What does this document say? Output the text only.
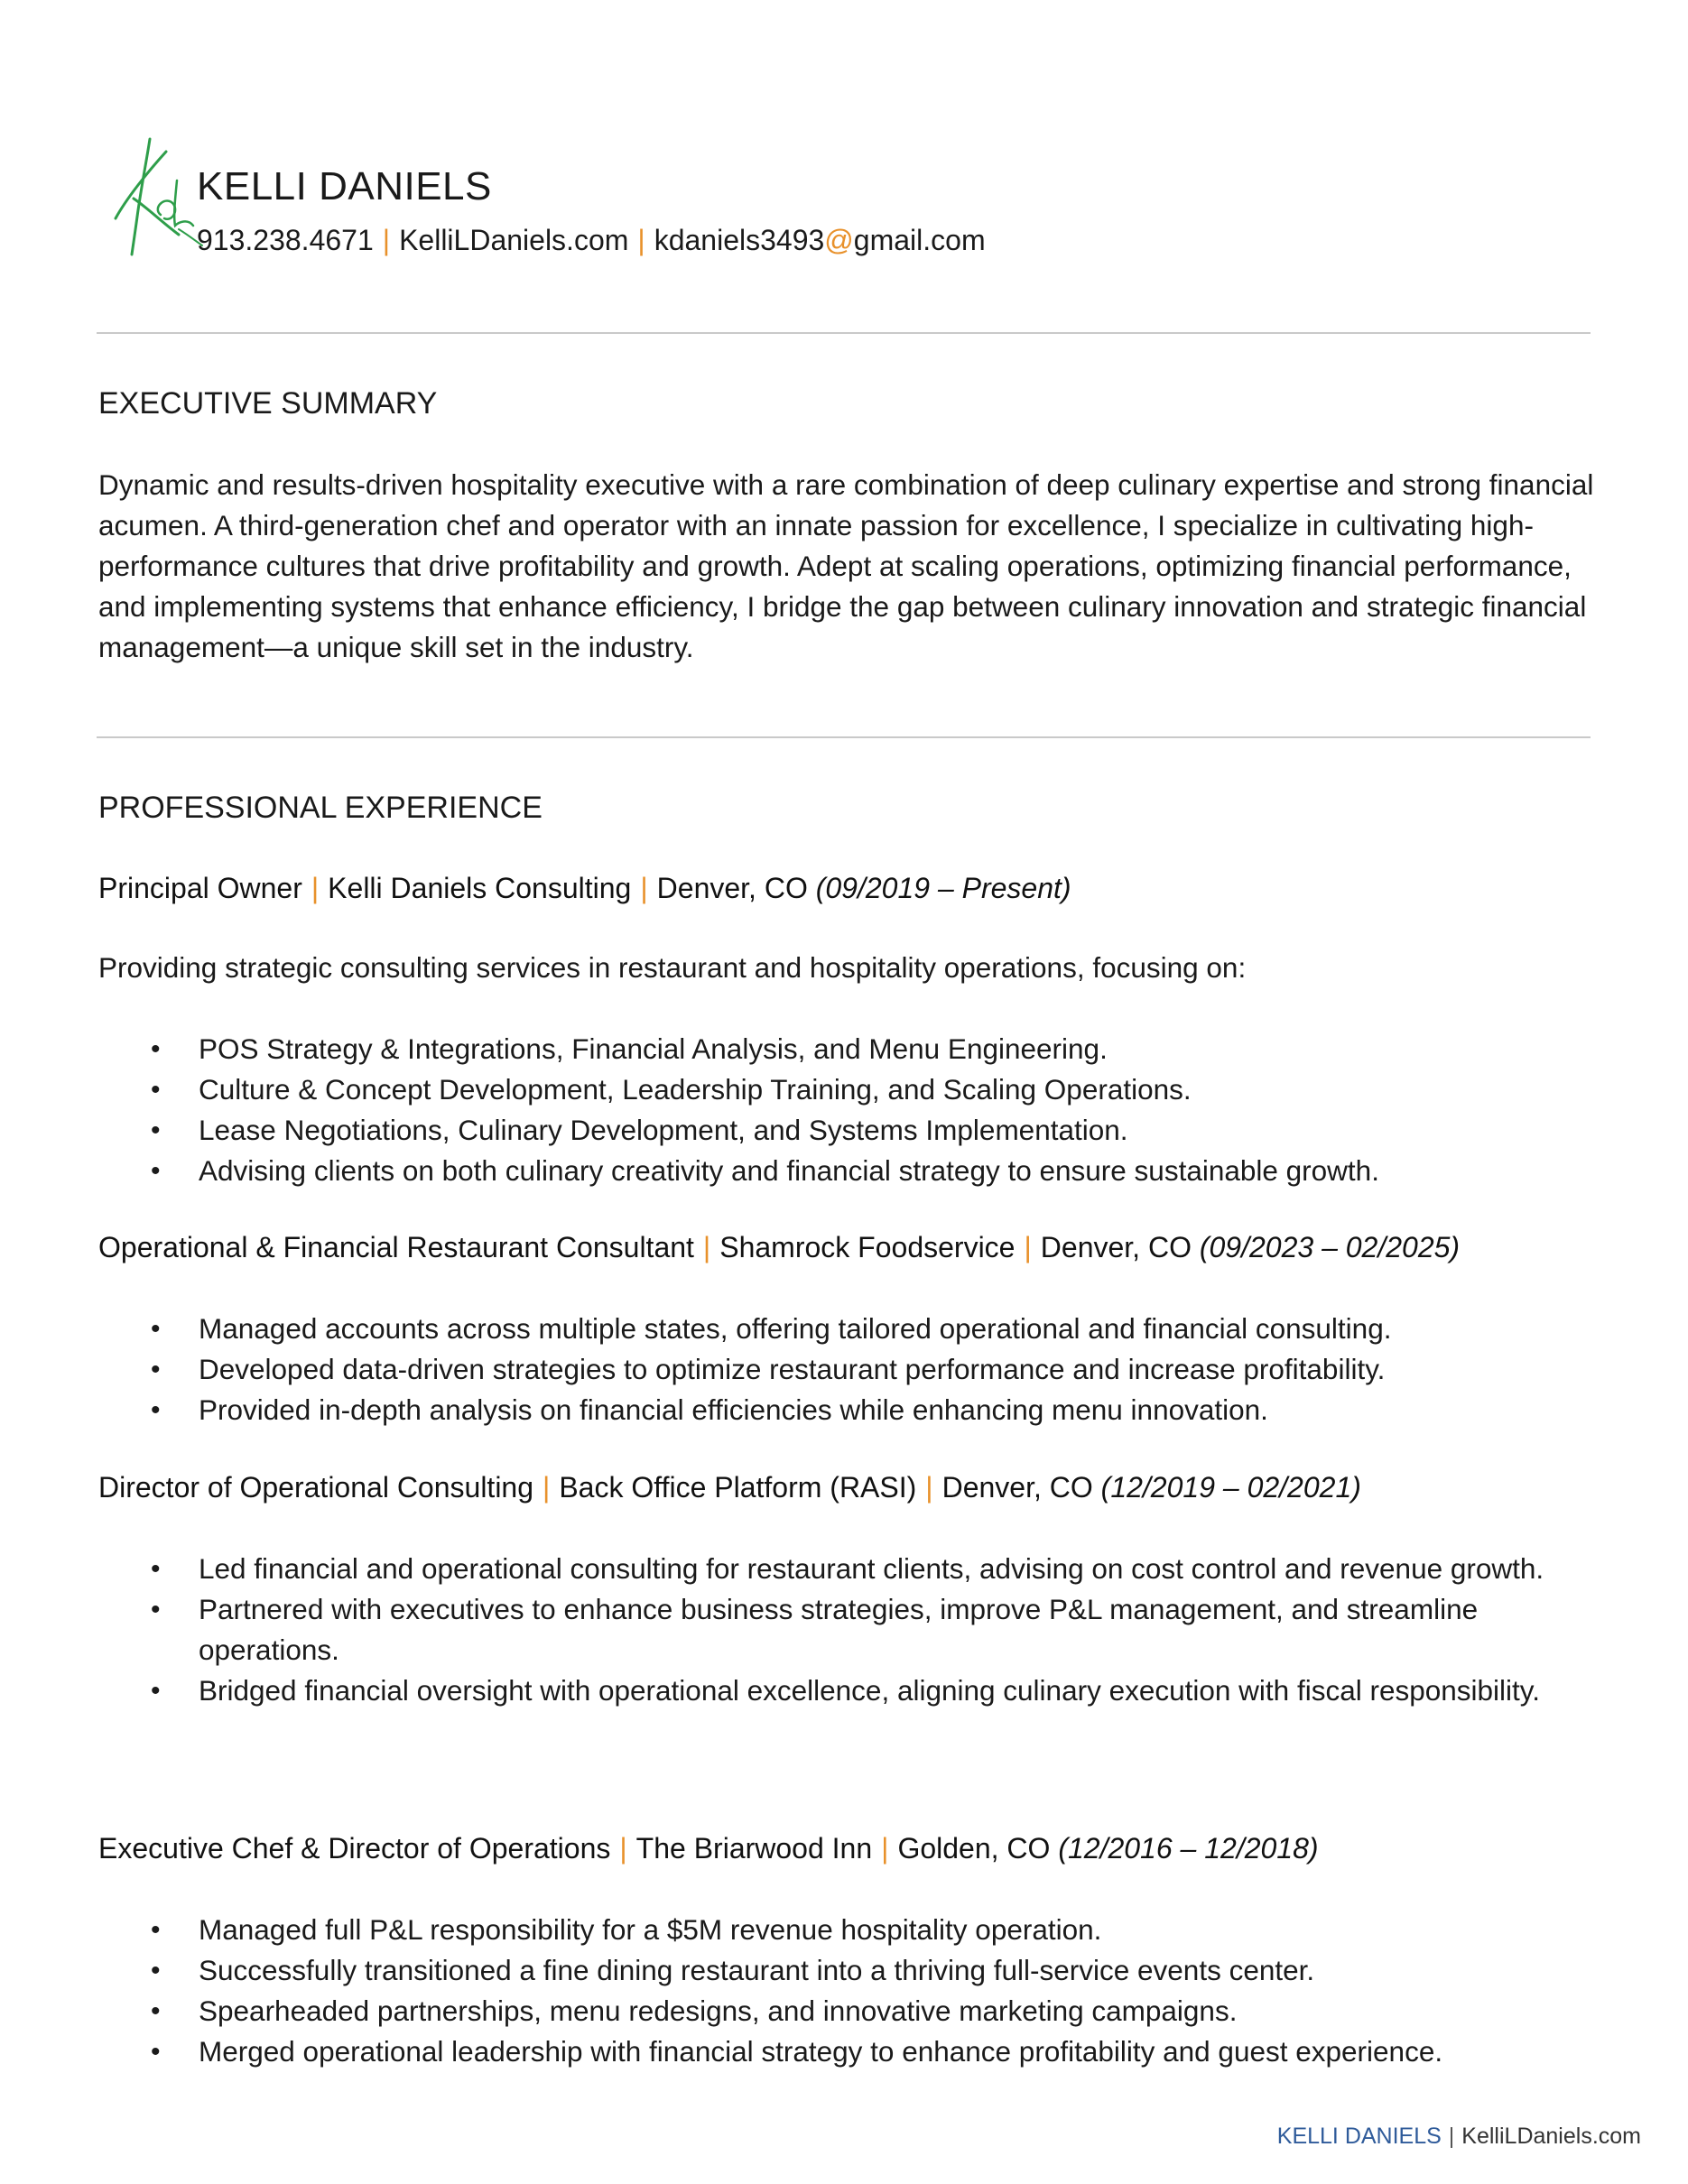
KELLI DANIELS
913.238.4671 | KelliLDaniels.com | kdaniels3493@gmail.com
EXECUTIVE SUMMARY
Dynamic and results-driven hospitality executive with a rare combination of deep culinary expertise and strong financial acumen. A third-generation chef and operator with an innate passion for excellence, I specialize in cultivating high-performance cultures that drive profitability and growth. Adept at scaling operations, optimizing financial performance, and implementing systems that enhance efficiency, I bridge the gap between culinary innovation and strategic financial management—a unique skill set in the industry.
PROFESSIONAL EXPERIENCE
Principal Owner | Kelli Daniels Consulting | Denver, CO (09/2019 – Present)
Providing strategic consulting services in restaurant and hospitality operations, focusing on:
• POS Strategy & Integrations, Financial Analysis, and Menu Engineering.
• Culture & Concept Development, Leadership Training, and Scaling Operations.
• Lease Negotiations, Culinary Development, and Systems Implementation.
• Advising clients on both culinary creativity and financial strategy to ensure sustainable growth.
Operational & Financial Restaurant Consultant | Shamrock Foodservice | Denver, CO (09/2023 – 02/2025)
• Managed accounts across multiple states, offering tailored operational and financial consulting.
• Developed data-driven strategies to optimize restaurant performance and increase profitability.
• Provided in-depth analysis on financial efficiencies while enhancing menu innovation.
Director of Operational Consulting | Back Office Platform (RASI) | Denver, CO (12/2019 – 02/2021)
• Led financial and operational consulting for restaurant clients, advising on cost control and revenue growth.
• Partnered with executives to enhance business strategies, improve P&L management, and streamline operations.
• Bridged financial oversight with operational excellence, aligning culinary execution with fiscal responsibility.
Executive Chef & Director of Operations | The Briarwood Inn | Golden, CO (12/2016 – 12/2018)
• Managed full P&L responsibility for a $5M revenue hospitality operation.
• Successfully transitioned a fine dining restaurant into a thriving full-service events center.
• Spearheaded partnerships, menu redesigns, and innovative marketing campaigns.
• Merged operational leadership with financial strategy to enhance profitability and guest experience.
KELLI DANIELS | KelliLDaniels.com
